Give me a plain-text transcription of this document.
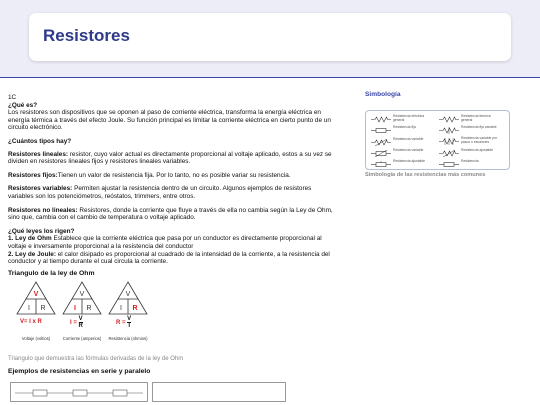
Resistores
1C
¿Qué es?
Los resistores son dispositivos que se oponen al paso de corriente eléctrica, transforma la energía eléctrica en energía térmica a través del efecto Joule. Su función principal es limitar la corriente eléctrica en cierto punto de un circuito electrónico.
¿Cuántos tipos hay?
Resistores lineales: resistor, cuyo valor actual es directamente proporcional al voltaje aplicado, estos a su vez se dividen en resistores lineales fijos y resistores lineales variables.
Resistores fijos:Tienen un valor de resistencia fija. Por lo tanto, no es posible variar su resistencia.
Resistores variables: Permiten ajustar la resistencia dentro de un circuito. Algunos ejemplos de resistores variables son los potenciómetros, reóstatos, trimmers, entre otros.
Resistores no lineales: Resistores, donde la corriente que fluye a través de ella no cambia según la Ley de Ohm, sino que, cambia con el cambio de temperatura o voltaje aplicado.
¿Qué leyes los rigen?
1. Ley de Ohm Establece que la corriente eléctrica que pasa por un conductor es directamente proporcional al voltaje e inversamente proporcional a la resistencia del conductor
2. Ley de Joule: el calor disipado es proporcional al cuadrado de la intensidad de la corriente, a la resistencia del conductor y al tiempo durante el cual circula la corriente.
Triangulo de la ley de Ohm
V
I R
V
I R
V
I R
V= I x R	$I = \frac{V}{R}$	$R = \frac{V}{I}$
Voltaje (voltios)	Corriente (amperios) Resistencia (ohmios)
Triangulo que demuestra las fórmulas derivadas de la ley de Ohm
Ejemplos de resistencias en serie y paralelo
Simbología
Resistencia eléctrica general
Resistencia térmica general
Resistencia fija	Resistencia fija variable
Resistencia variable	Resistencia variable por pasos o escalones
Resistencia variable	Resistencia ajustable
Resistencia ajustable	Resistencia
Simbología de las resistencias más comunes
